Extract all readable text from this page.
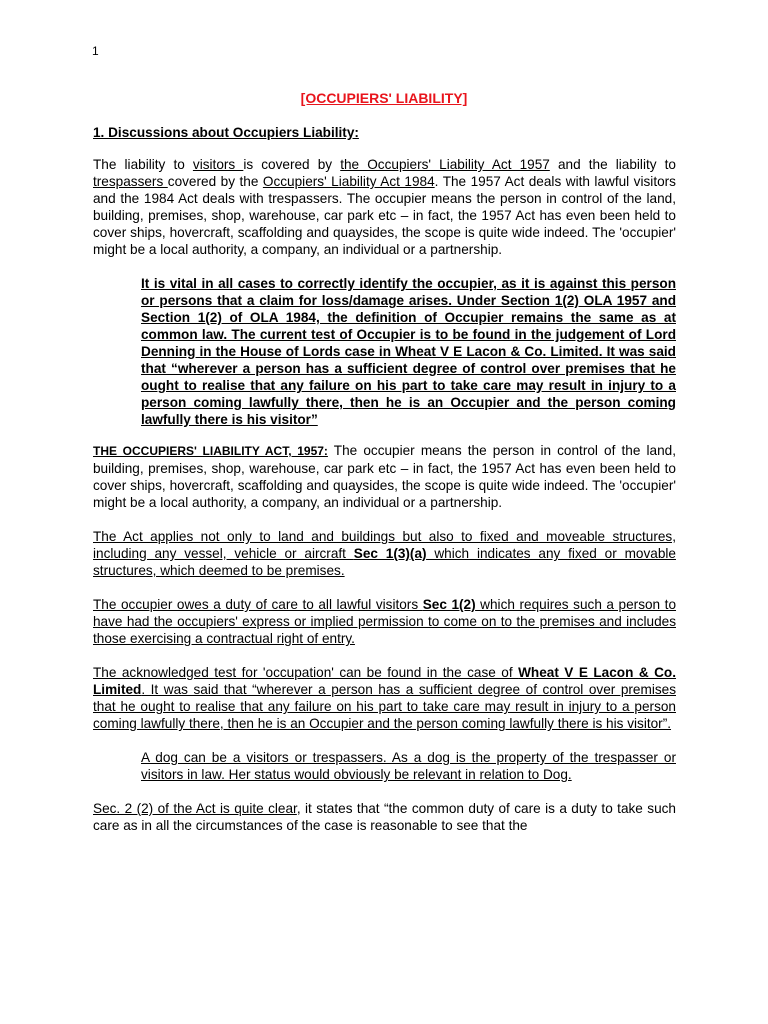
1
[OCCUPIERS' LIABILITY]

1. Discussions about Occupiers Liability:

The liability to visitors is covered by the Occupiers' Liability Act 1957 and the liability to trespassers covered by the Occupiers' Liability Act 1984. The 1957 Act deals with lawful visitors and the 1984 Act deals with trespassers. The occupier means the person in control of the land, building, premises, shop, warehouse, car park etc – in fact, the 1957 Act has even been held to cover ships, hovercraft, scaffolding and quaysides, the scope is quite wide indeed. The 'occupier' might be a local authority, a company, an individual or a partnership.

It is vital in all cases to correctly identify the occupier, as it is against this person or persons that a claim for loss/damage arises. Under Section 1(2) OLA 1957 and Section 1(2) of OLA 1984, the definition of Occupier remains the same as at common law. The current test of Occupier is to be found in the judgement of Lord Denning in the House of Lords case in Wheat V E Lacon & Co. Limited. It was said that “wherever a person has a sufficient degree of control over premises that he ought to realise that any failure on his part to take care may result in injury to a person coming lawfully there, then he is an Occupier and the person coming lawfully there is his visitor”

THE OCCUPIERS' LIABILITY ACT, 1957: The occupier means the person in control of the land, building, premises, shop, warehouse, car park etc – in fact, the 1957 Act has even been held to cover ships, hovercraft, scaffolding and quaysides, the scope is quite wide indeed. The 'occupier' might be a local authority, a company, an individual or a partnership.

The Act applies not only to land and buildings but also to fixed and moveable structures, including any vessel, vehicle or aircraft Sec 1(3)(a) which indicates any fixed or movable structures, which deemed to be premises.

The occupier owes a duty of care to all lawful visitors Sec 1(2) which requires such a person to have had the occupiers' express or implied permission to come on to the premises and includes those exercising a contractual right of entry.

The acknowledged test for 'occupation' can be found in the case of Wheat V E Lacon & Co. Limited. It was said that “wherever a person has a sufficient degree of control over premises that he ought to realise that any failure on his part to take care may result in injury to a person coming lawfully there, then he is an Occupier and the person coming lawfully there is his visitor”.

A dog can be a visitors or trespassers. As a dog is the property of the trespasser or visitors in law. Her status would obviously be relevant in relation to Dog.

Sec. 2 (2) of the Act is quite clear, it states that “the common duty of care is a duty to take such care as in all the circumstances of the case is reasonable to see that the
